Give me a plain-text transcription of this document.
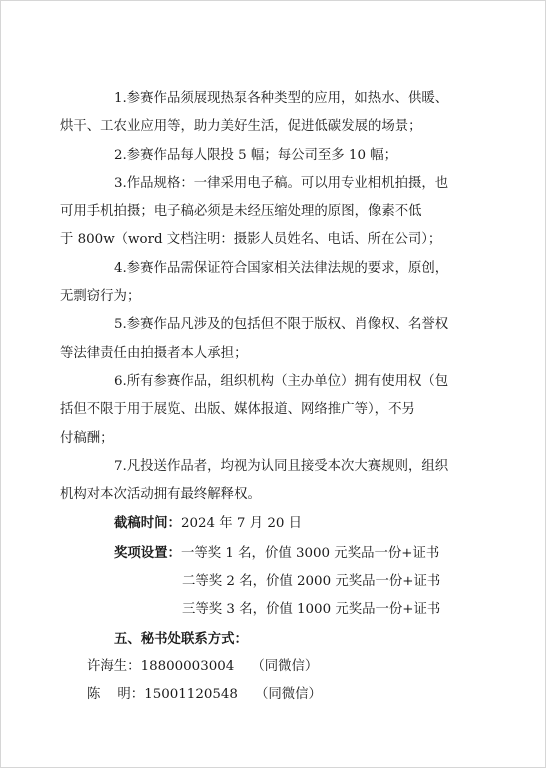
1.参赛作品须展现热泵各种类型的应用，如热水、供暖、
烘干、工农业应用等，助力美好生活，促进低碳发展的场景；
2.参赛作品每人限投 5 幅；每公司至多 10 幅；
3.作品规格：一律采用电子稿。可以用专业相机拍摄，也
可用手机拍摄；电子稿必须是未经压缩处理的原图，像素不低
于 800w（word 文档注明：摄影人员姓名、电话、所在公司）；
4.参赛作品需保证符合国家相关法律法规的要求，原创，
无剽窃行为；
5.参赛作品凡涉及的包括但不限于版权、肖像权、名誉权
等法律责任由拍摄者本人承担；
6.所有参赛作品，组织机构（主办单位）拥有使用权（包
括但不限于用于展览、出版、媒体报道、网络推广等），不另
付稿酬；
7.凡投送作品者，均视为认同且接受本次大赛规则，组织
机构对本次活动拥有最终解释权。
截稿时间：2024 年 7 月 20 日
奖项设置：一等奖 1 名，价值 3000 元奖品一份+证书
二等奖 2 名，价值 2000 元奖品一份+证书
三等奖 3 名，价值 1000 元奖品一份+证书
五、秘书处联系方式：
许海生：18800003004 （同微信）
陈    明：15001120548 （同微信）
